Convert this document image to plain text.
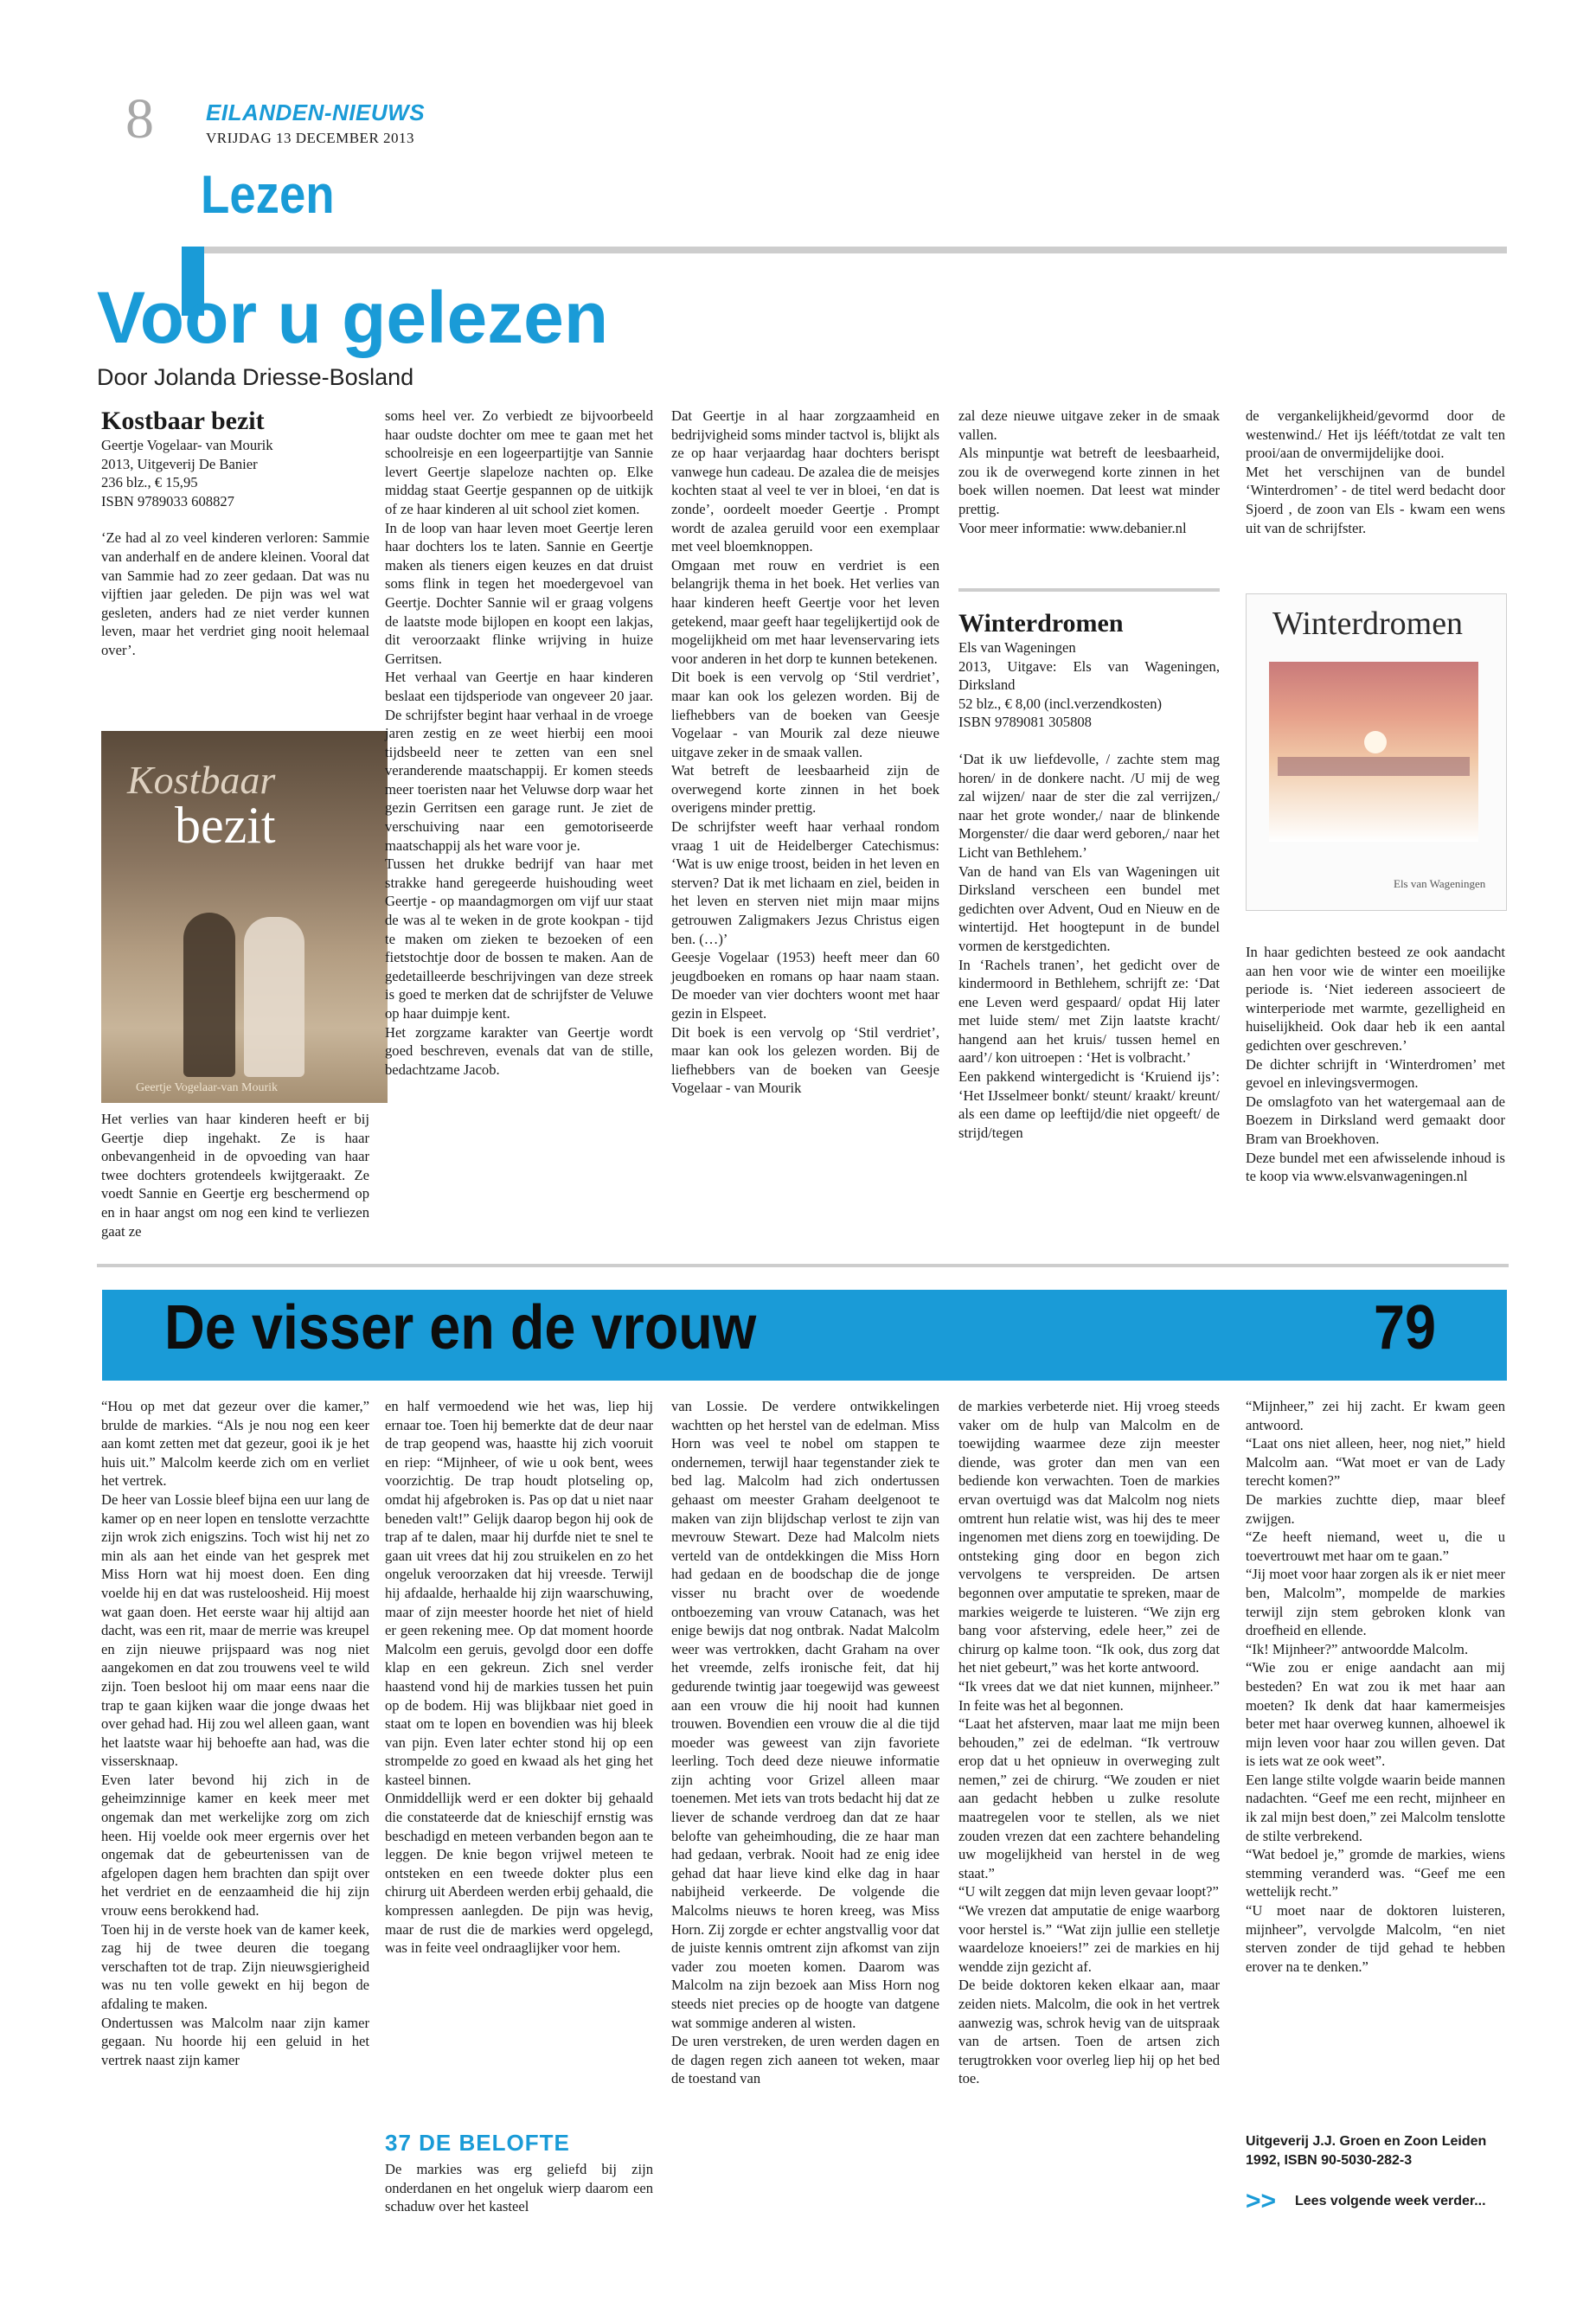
8 EILANDEN-NIEUWS
VRIJDAG 13 DECEMBER 2013
Lezen
Voor u gelezen
Door Jolanda Driesse-Bosland

Kostbaar bezit

Geertje Vogelaar- van Mourik

2013, Uitgeverij De Banier

236 blz., € 15,95

ISBN 9789033 608827

‘Ze had al zo veel kinderen verloren: Sammie van anderhalf en de andere kleinen. Vooral dat van Sammie had zo zeer gedaan. Dat was nu vijftien jaar geleden. De pijn was wel wat gesleten, anders had ze niet verder kunnen leven, maar het verdriet ging nooit helemaal over’.

Kostbaar
bezit
Geertje Vogelaar-van Mourik

Het verlies van haar kinderen heeft er bij Geertje diep ingehakt. Ze is haar onbevangenheid in de opvoeding van haar twee dochters grotendeels kwijtgeraakt. Ze voedt Sannie en Geertje erg beschermend op en in haar angst om nog een kind te verliezen gaat ze

soms heel ver. Zo verbiedt ze bijvoorbeeld haar oudste dochter om mee te gaan met het schoolreisje en een logeerpartijtje van Sannie levert Geertje slapeloze nachten op. Elke middag staat Geertje gespannen op de uitkijk of ze haar kinderen al uit school ziet komen.

In de loop van haar leven moet Geertje leren haar dochters los te laten. Sannie en Geertje maken als tieners eigen keuzes en dat druist soms flink in tegen het moedergevoel van Geertje. Dochter Sannie wil er graag volgens de laatste mode bijlopen en koopt een lakjas, dit veroorzaakt flinke wrijving in huize Gerritsen.

Het verhaal van Geertje en haar kinderen beslaat een tijdsperiode van ongeveer 20 jaar. De schrijfster begint haar verhaal in de vroege jaren zestig en ze weet hierbij een mooi tijdsbeeld neer te zetten van een snel veranderende maatschappij. Er komen steeds meer toeristen naar het Veluwse dorp waar het gezin Gerritsen een garage runt. Je ziet de verschuiving naar een gemotoriseerde maatschappij als het ware voor je.

Tussen het drukke bedrijf van haar met strakke hand geregeerde huishouding weet Geertje - op maandagmorgen om vijf uur staat de was al te weken in de grote kookpan - tijd te maken om zieken te bezoeken of een fietstochtje door de bossen te maken. Aan de gedetailleerde beschrijvingen van deze streek is goed te merken dat de schrijfster de Veluwe op haar duimpje kent.

Het zorgzame karakter van Geertje wordt goed beschreven, evenals dat van de stille, bedachtzame Jacob.

Dat Geertje in al haar zorgzaamheid en bedrijvigheid soms minder tactvol is, blijkt als ze op haar verjaardag haar dochters berispt vanwege hun cadeau. De azalea die de meisjes kochten staat al veel te ver in bloei, ‘en dat is zonde’, oordeelt moeder Geertje . Prompt wordt de azalea geruild voor een exemplaar met veel bloemknoppen.

Omgaan met rouw en verdriet is een belangrijk thema in het boek. Het verlies van haar kinderen heeft Geertje voor het leven getekend, maar geeft haar tegelijkertijd ook de mogelijkheid om met haar levenservaring iets voor anderen in het dorp te kunnen betekenen.

Dit boek is een vervolg op ‘Stil verdriet’, maar kan ook los gelezen worden. Bij de liefhebbers van de boeken van Geesje Vogelaar - van Mourik zal deze nieuwe uitgave zeker in de smaak vallen.

Wat betreft de leesbaarheid zijn de overwegend korte zinnen in het boek overigens minder prettig.

De schrijfster weeft haar verhaal rondom vraag 1 uit de Heidelberger Catechismus: ‘Wat is uw enige troost, beiden in het leven en sterven? Dat ik met lichaam en ziel, beiden in het leven en sterven niet mijn maar mijns getrouwen Zaligmakers Jezus Christus eigen ben. (…)’

Geesje Vogelaar (1953) heeft meer dan 60 jeugdboeken en romans op haar naam staan. De moeder van vier dochters woont met haar gezin in Elspeet.

Dit boek is een vervolg op ‘Stil verdriet’, maar kan ook los gelezen worden. Bij de liefhebbers van de boeken van Geesje Vogelaar - van Mourik

zal deze nieuwe uitgave zeker in de smaak vallen.

Als minpuntje wat betreft de leesbaarheid, zou ik de overwegend korte zinnen in het boek willen noemen. Dat leest wat minder prettig.

Voor meer informatie: www.debanier.nl

Winterdromen

Els van Wageningen

2013, Uitgave: Els van Wageningen, Dirksland

52 blz., € 8,00 (incl.verzendkosten)

ISBN 9789081 305808

‘Dat ik uw liefdevolle, / zachte stem mag horen/ in de donkere nacht. /U mij de weg zal wijzen/ naar de ster die zal verrijzen,/ naar het grote wonder,/ naar de blinkende Morgenster/ die daar werd geboren,/ naar het Licht van Bethlehem.’

Van de hand van Els van Wageningen uit Dirksland verscheen een bundel met gedichten over Advent, Oud en Nieuw en de wintertijd. Het hoogtepunt in de bundel vormen de kerstgedichten.

In ‘Rachels tranen’, het gedicht over de kindermoord in Bethlehem, schrijft ze: ‘Dat ene Leven werd gespaard/ opdat Hij later met luide stem/ met Zijn laatste kracht/ hangend aan het kruis/ tussen hemel en aard’/ kon uitroepen : ‘Het is volbracht.’

Een pakkend wintergedicht is ‘Kruiend ijs’: ‘Het IJsselmeer bonkt/ steunt/ kraakt/ kreunt/ als een dame op leeftijd/die niet opgeeft/ de strijd/tegen

de vergankelijkheid/gevormd door de westenwind./ Het ijs lééft/totdat ze valt ten prooi/aan de onvermijdelijke dooi.

Met het verschijnen van de bundel ‘Winterdromen’ - de titel werd bedacht door Sjoerd , de zoon van Els - kwam een wens uit van de schrijfster.

Winterdromen
Els van Wageningen

In haar gedichten besteed ze ook aandacht aan hen voor wie de winter een moeilijke periode is. ‘Niet iedereen associeert de winterperiode met warmte, gezelligheid en huiselijkheid. Ook daar heb ik een aantal gedichten over geschreven.’

De dichter schrijft in ‘Winterdromen’ met gevoel en inlevingsvermogen.

De omslagfoto van het watergemaal aan de Boezem in Dirksland werd gemaakt door Bram van Broekhoven.

Deze bundel met een afwisselende inhoud is te koop via www.elsvanwageningen.nl

De visser en de vrouw	79

“Hou op met dat gezeur over die kamer,” brulde de markies. “Als je nou nog een keer aan komt zetten met dat gezeur, gooi ik je het huis uit.” Malcolm keerde zich om en verliet het vertrek.

De heer van Lossie bleef bijna een uur lang de kamer op en neer lopen en tenslotte verzachtte zijn wrok zich enigszins. Toch wist hij net zo min als aan het einde van het gesprek met Miss Horn wat hij moest doen. Een ding voelde hij en dat was rusteloosheid. Hij moest wat gaan doen. Het eerste waar hij altijd aan dacht, was een rit, maar de merrie was kreupel en zijn nieuwe prijspaard was nog niet aangekomen en dat zou trouwens veel te wild zijn. Toen besloot hij om maar eens naar die trap te gaan kijken waar die jonge dwaas het over gehad had. Hij zou wel alleen gaan, want het laatste waar hij behoefte aan had, was die vissersknaap.

Even later bevond hij zich in de geheimzinnige kamer en keek meer met ongemak dan met werkelijke zorg om zich heen. Hij voelde ook meer ergernis over het ongemak dat de gebeurtenissen van de afgelopen dagen hem brachten dan spijt over het verdriet en de eenzaamheid die hij zijn vrouw eens berokkend had.

Toen hij in de verste hoek van de kamer keek, zag hij de twee deuren die toegang verschaften tot de trap. Zijn nieuwsgierigheid was nu ten volle gewekt en hij begon de afdaling te maken.

Ondertussen was Malcolm naar zijn kamer gegaan. Nu hoorde hij een geluid in het vertrek naast zijn kamer

en half vermoedend wie het was, liep hij ernaar toe. Toen hij bemerkte dat de deur naar de trap geopend was, haastte hij zich vooruit en riep: “Mijnheer, of wie u ook bent, wees voorzichtig. De trap houdt plotseling op, omdat hij afgebroken is. Pas op dat u niet naar beneden valt!” Gelijk daarop begon hij ook de trap af te dalen, maar hij durfde niet te snel te gaan uit vrees dat hij zou struikelen en zo het ongeluk veroorzaken dat hij vreesde. Terwijl hij afdaalde, herhaalde hij zijn waarschuwing, maar of zijn meester hoorde het niet of hield er geen rekening mee. Op dat moment hoorde Malcolm een geruis, gevolgd door een doffe klap en een gekreun. Zich snel verder haastend vond hij de markies tussen het puin op de bodem. Hij was blijkbaar niet goed in staat om te lopen en bovendien was hij bleek van pijn. Even later echter stond hij op een strompelde zo goed en kwaad als het ging het kasteel binnen.

Onmiddellijk werd er een dokter bij gehaald die constateerde dat de knieschijf ernstig was beschadigd en meteen verbanden begon aan te leggen. De knie begon vrijwel meteen te ontsteken en een tweede dokter plus een chirurg uit Aberdeen werden erbij gehaald, die kompressen aanlegden. De pijn was hevig, maar de rust die de markies werd opgelegd, was in feite veel ondraaglijker voor hem.

37 DE BELOFTE

De markies was erg geliefd bij zijn onderdanen en het ongeluk wierp daarom een schaduw over het kasteel

van Lossie. De verdere ontwikkelingen wachtten op het herstel van de edelman. Miss Horn was veel te nobel om stappen te ondernemen, terwijl haar tegenstander ziek te bed lag. Malcolm had zich ondertussen gehaast om meester Graham deelgenoot te maken van zijn blijdschap verlost te zijn van mevrouw Stewart. Deze had Malcolm niets verteld van de ontdekkingen die Miss Horn had gedaan en de boodschap die de jonge visser nu bracht over de woedende ontboezeming van vrouw Catanach, was het enige bewijs dat nog ontbrak. Nadat Malcolm weer was vertrokken, dacht Graham na over het vreemde, zelfs ironische feit, dat hij gedurende twintig jaar toegewijd was geweest aan een vrouw die hij nooit had kunnen trouwen. Bovendien een vrouw die al die tijd moeder was geweest van zijn favoriete leerling. Toch deed deze nieuwe informatie zijn achting voor Grizel alleen maar toenemen. Met iets van trots bedacht hij dat ze liever de schande verdroeg dan dat ze haar belofte van geheimhouding, die ze haar man had gedaan, verbrak. Nooit had ze enig idee gehad dat haar lieve kind elke dag in haar nabijheid verkeerde. De volgende die Malcolms nieuws te horen kreeg, was Miss Horn. Zij zorgde er echter angstvallig voor dat de juiste kennis omtrent zijn afkomst van zijn vader zou moeten komen. Daarom was Malcolm na zijn bezoek aan Miss Horn nog steeds niet precies op de hoogte van datgene wat sommige anderen al wisten.

De uren verstreken, de uren werden dagen en de dagen regen zich aaneen tot weken, maar de toestand van

de markies verbeterde niet. Hij vroeg steeds vaker om de hulp van Malcolm en de toewijding waarmee deze zijn meester diende, was groter dan men van een bediende kon verwachten. Toen de markies ervan overtuigd was dat Malcolm nog niets omtrent hun relatie wist, was hij des te meer ingenomen met diens zorg en toewijding. De ontsteking ging door en begon zich vervolgens te verspreiden. De artsen begonnen over amputatie te spreken, maar de markies weigerde te luisteren. “We zijn erg bang voor afsterving, edele heer,” zei de chirurg op kalme toon. “Ik ook, dus zorg dat het niet gebeurt,” was het korte antwoord.

“Ik vrees dat we dat niet kunnen, mijnheer.” In feite was het al begonnen.

“Laat het afsterven, maar laat me mijn been behouden,” zei de edelman. “Ik vertrouw erop dat u het opnieuw in overweging zult nemen,” zei de chirurg. “We zouden er niet aan gedacht hebben u zulke resolute maatregelen voor te stellen, als we niet zouden vrezen dat een zachtere behandeling uw mogelijkheid van herstel in de weg staat.”

“U wilt zeggen dat mijn leven gevaar loopt?”

“We vrezen dat amputatie de enige waarborg voor herstel is.” “Wat zijn jullie een stelletje waardeloze knoeiers!” zei de markies en hij wendde zijn gezicht af.

De beide doktoren keken elkaar aan, maar zeiden niets. Malcolm, die ook in het vertrek aanwezig was, schrok hevig van de uitspraak van de artsen. Toen de artsen zich terugtrokken voor overleg liep hij op het bed toe.

“Mijnheer,” zei hij zacht. Er kwam geen antwoord.

“Laat ons niet alleen, heer, nog niet,” hield Malcolm aan. “Wat moet er van de Lady terecht komen?”

De markies zuchtte diep, maar bleef zwijgen.

“Ze heeft niemand, weet u, die u toevertrouwt met haar om te gaan.”

“Jij moet voor haar zorgen als ik er niet meer ben, Malcolm”, mompelde de markies terwijl zijn stem gebroken klonk van droefheid en ellende.

“Ik! Mijnheer?” antwoordde Malcolm.

“Wie zou er enige aandacht aan mij besteden? En wat zou ik met haar aan moeten? Ik denk dat haar kamermeisjes beter met haar overweg kunnen, alhoewel ik mijn leven voor haar zou willen geven. Dat is iets wat ze ook weet”.

Een lange stilte volgde waarin beide mannen nadachten. “Geef me een recht, mijnheer en ik zal mijn best doen,” zei Malcolm tenslotte de stilte verbrekend.

“Wat bedoel je,” gromde de markies, wiens stemming veranderd was. “Geef me een wettelijk recht.”

“U moet naar de doktoren luisteren, mijnheer”, vervolgde Malcolm, “en niet sterven zonder de tijd gehad te hebben erover na te denken.”

Uitgeverij J.J. Groen en Zoon Leiden
1992, ISBN 90-5030-282-3
>> Lees volgende week verder...
